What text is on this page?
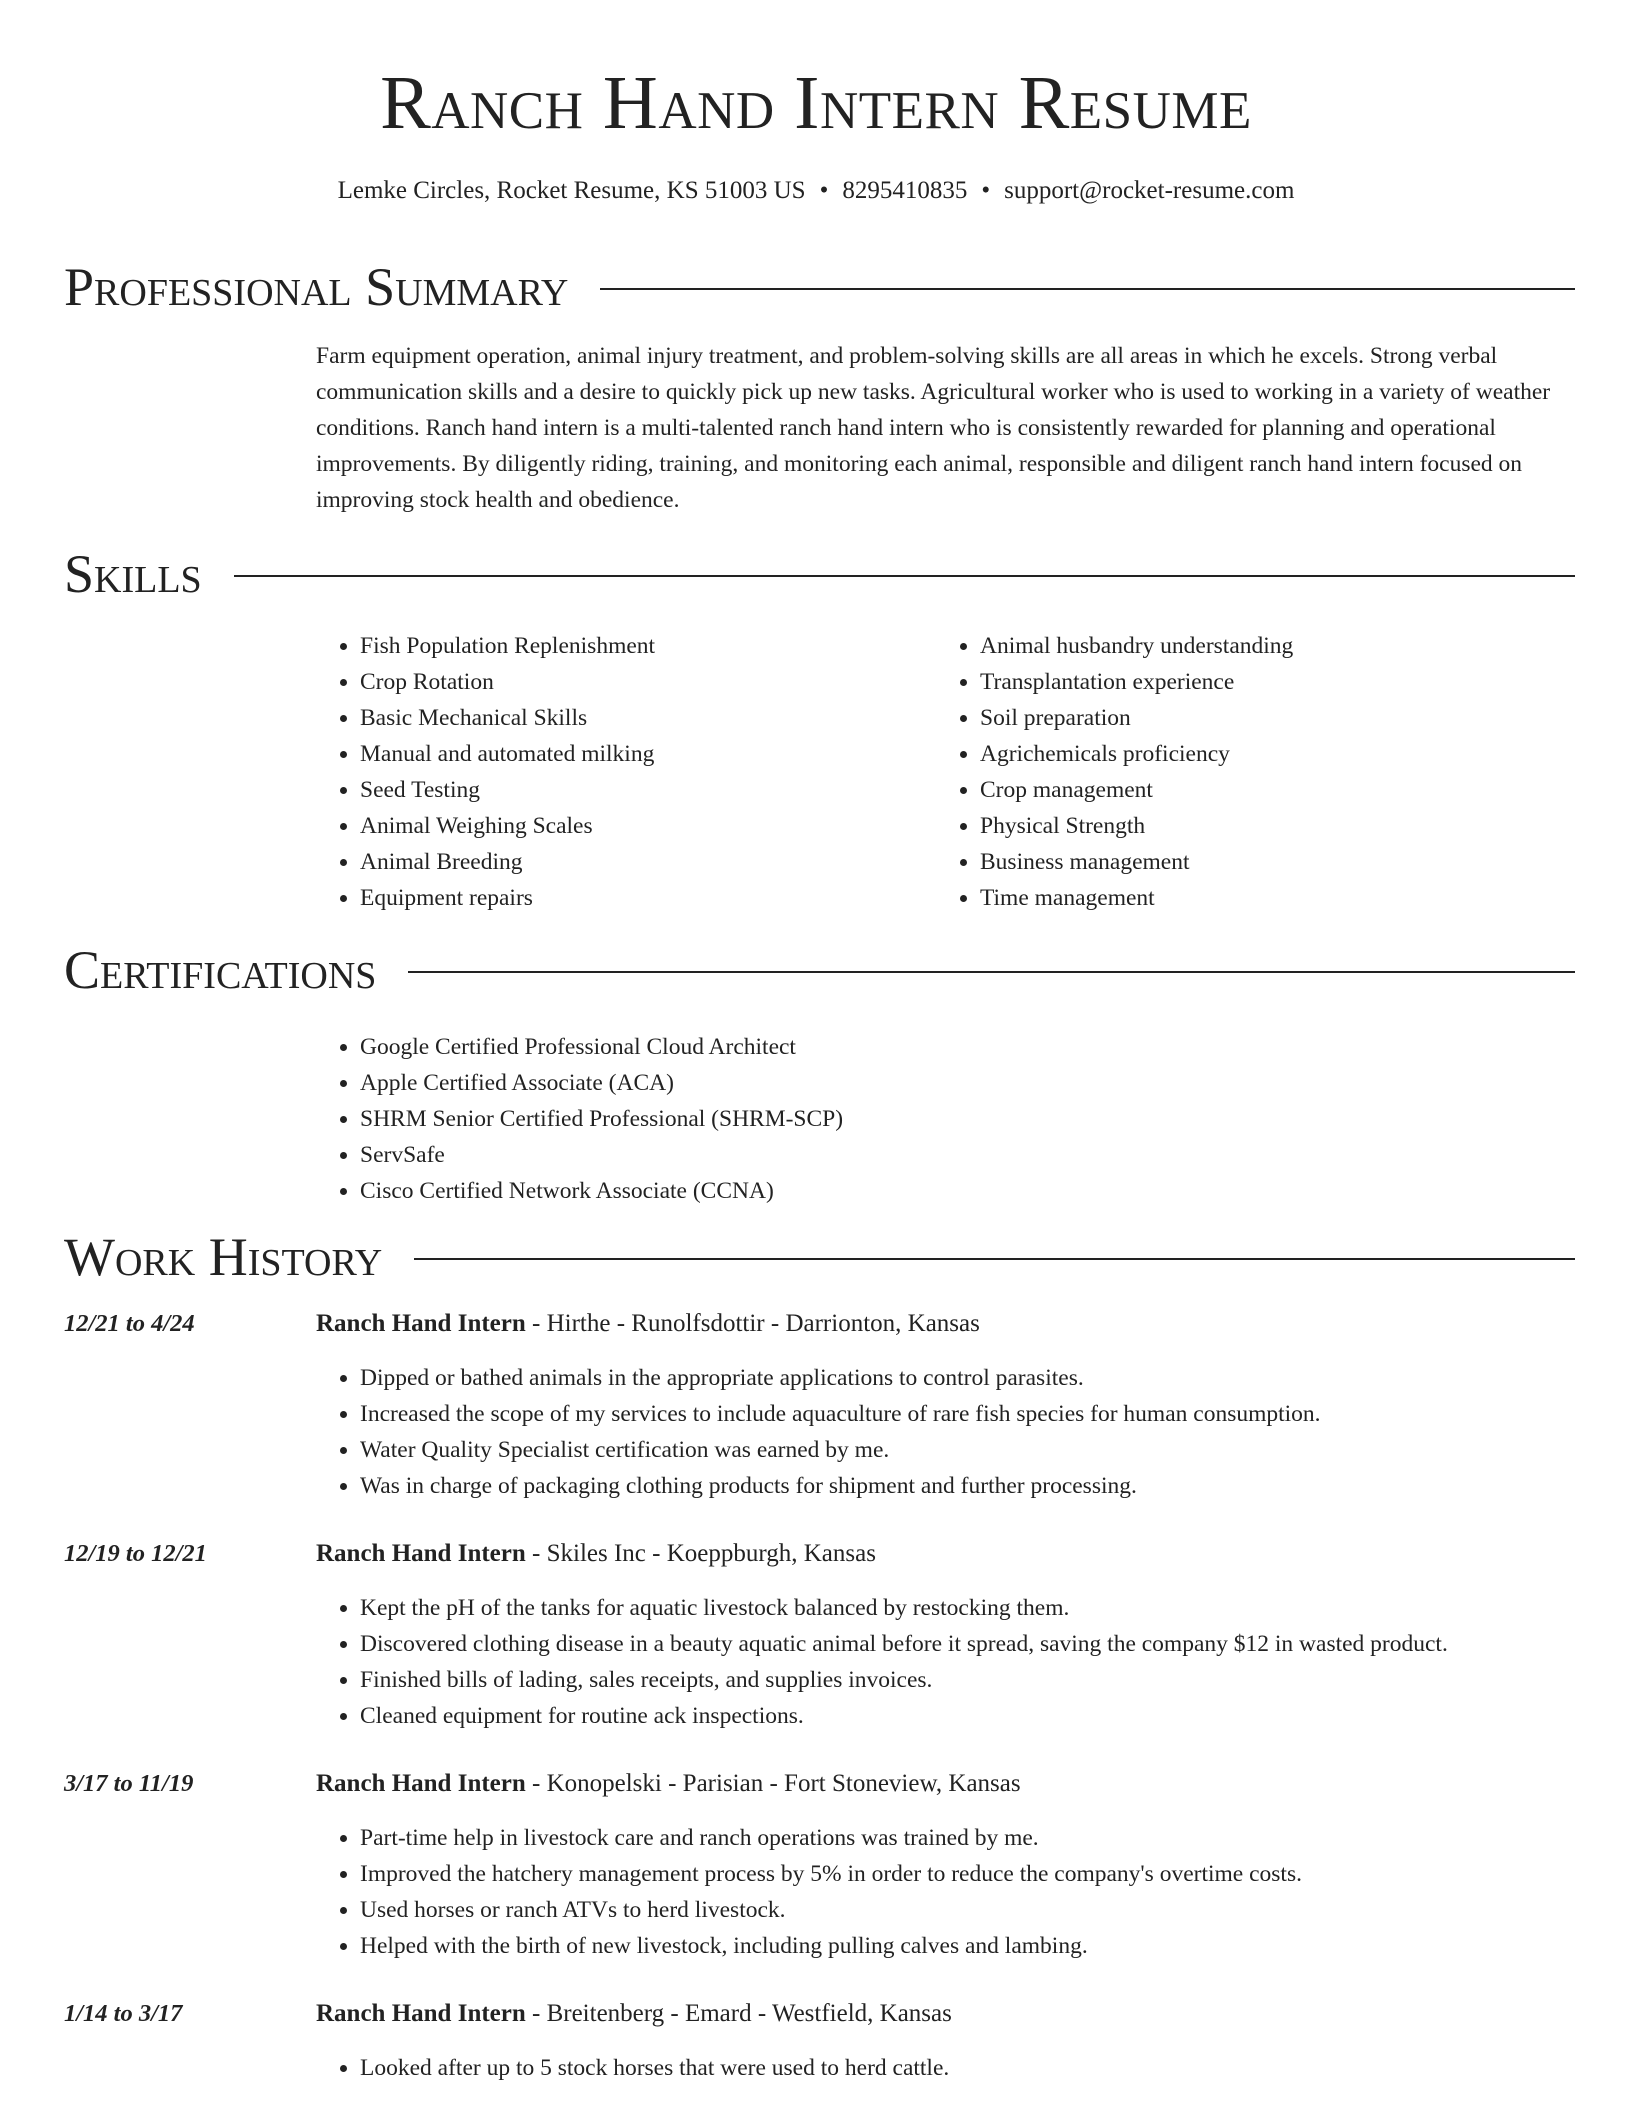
Ranch Hand Intern Resume
Lemke Circles, Rocket Resume, KS 51003 US • 8295410835 • support@rocket-resume.com
Professional Summary

Farm equipment operation, animal injury treatment, and problem-solving skills are all areas in which he excels. Strong verbal communication skills and a desire to quickly pick up new tasks. Agricultural worker who is used to working in a variety of weather conditions. Ranch hand intern is a multi-talented ranch hand intern who is consistently rewarded for planning and operational improvements. By diligently riding, training, and monitoring each animal, responsible and diligent ranch hand intern focused on improving stock health and obedience.

Skills
• Fish Population Replenishment
• Crop Rotation
• Basic Mechanical Skills
• Manual and automated milking
• Seed Testing
• Animal Weighing Scales
• Animal Breeding
• Equipment repairs
• Animal husbandry understanding
• Transplantation experience
• Soil preparation
• Agrichemicals proficiency
• Crop management
• Physical Strength
• Business management
• Time management
Certifications
• Google Certified Professional Cloud Architect
• Apple Certified Associate (ACA)
• SHRM Senior Certified Professional (SHRM-SCP)
• ServSafe
• Cisco Certified Network Associate (CCNA)
Work History
12/21 to 4/24	Ranch Hand Intern - Hirthe - Runolfsdottir - Darrionton, Kansas
• Dipped or bathed animals in the appropriate applications to control parasites.
• Increased the scope of my services to include aquaculture of rare fish species for human consumption.
• Water Quality Specialist certification was earned by me.
• Was in charge of packaging clothing products for shipment and further processing.
12/19 to 12/21	Ranch Hand Intern - Skiles Inc - Koeppburgh, Kansas
• Kept the pH of the tanks for aquatic livestock balanced by restocking them.
• Discovered clothing disease in a beauty aquatic animal before it spread, saving the company $12 in wasted product.
• Finished bills of lading, sales receipts, and supplies invoices.
• Cleaned equipment for routine ack inspections.
3/17 to 11/19	Ranch Hand Intern - Konopelski - Parisian - Fort Stoneview, Kansas
• Part-time help in livestock care and ranch operations was trained by me.
• Improved the hatchery management process by 5% in order to reduce the company's overtime costs.
• Used horses or ranch ATVs to herd livestock.
• Helped with the birth of new livestock, including pulling calves and lambing.
1/14 to 3/17	Ranch Hand Intern - Breitenberg - Emard - Westfield, Kansas
• Looked after up to 5 stock horses that were used to herd cattle.
